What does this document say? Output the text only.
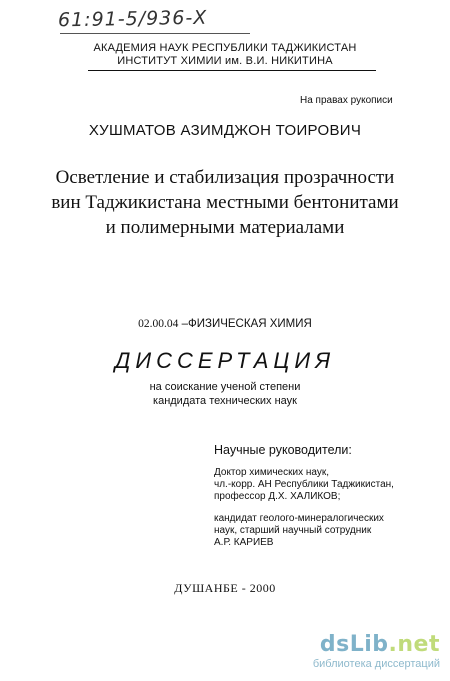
61:91-5/936-Х
АКАДЕМИЯ НАУК РЕСПУБЛИКИ ТАДЖИКИСТАН
ИНСТИТУТ ХИМИИ им. В.И. НИКИТИНА
На правах рукописи
ХУШМАТОВ АЗИМДЖОН ТОИРОВИЧ
Осветление и стабилизация прозрачности
вин Таджикистана местными бентонитами
и полимерными материалами
02.00.04 –ФИЗИЧЕСКАЯ ХИМИЯ
ДИССЕРТАЦИЯ
на соискание ученой степени
кандидата технических наук
Научные руководители:
Доктор химических наук,
чл.-корр. АН Республики Таджикистан,
профессор Д.Х. ХАЛИКОВ;
кандидат геолого-минералогических
наук, старший научный сотрудник
А.Р. КАРИЕВ
ДУШАНБЕ - 2000
dsLib.net
библиотека диссертаций
